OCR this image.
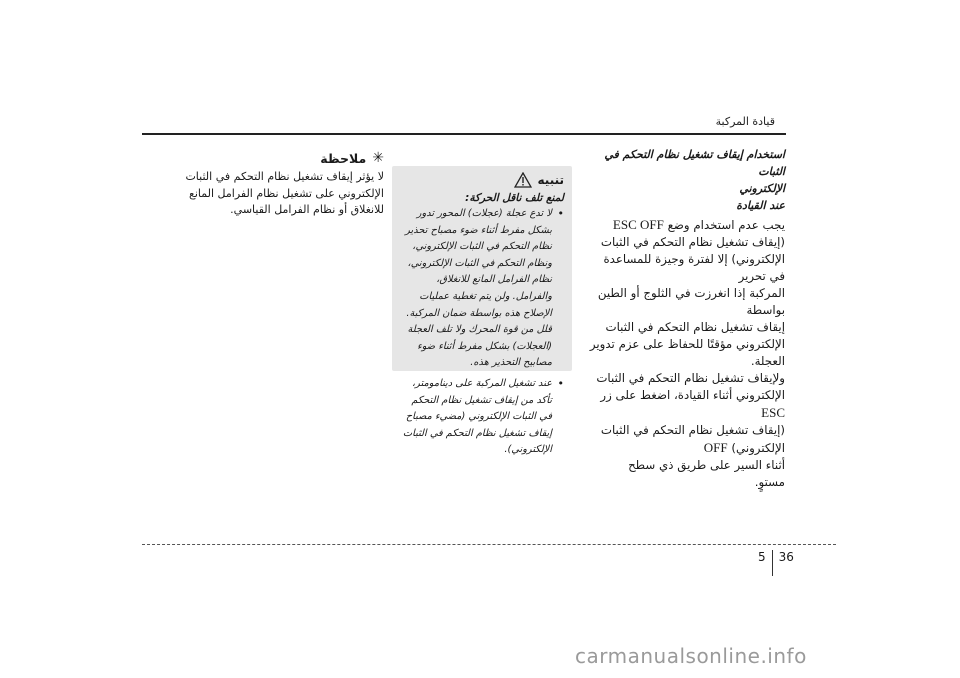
قيادة المركبة

استخدام إيقاف تشغيل نظام التحكم في الثبات

الإلكتروني

عند القيادة

يجب عدم استخدام وضع ESC OFF

(إيقاف تشغيل نظام التحكم في الثبات

الإلكتروني) إلا لفترة وجيزة للمساعدة في تحرير

المركبة إذا انغرزت في الثلوج أو الطين بواسطة

إيقاف تشغيل نظام التحكم في الثبات

الإلكتروني مؤقتًا للحفاظ على عزم تدوير العجلة.

ولإيقاف تشغيل نظام التحكم في الثبات

الإلكتروني أثناء القيادة، اضغط على زر ESC

(إيقاف تشغيل نظام التحكم في الثبات الإلكتروني) OFF

أثناء السير على طريق ذي سطح

مستوٍ.

تنبيه

لمنع تلف ناقل الحركة:

•
لا تدع عجلة (عجلات) المحور تدور بشكل مفرط أثناء ضوء مصباح تحذير نظام التحكم في الثبات الإلكتروني، ونظام التحكم في الثبات الإلكتروني، نظام الفرامل المانع للانغلاق، والفرامل. ولن يتم تغطية عمليات الإصلاح هذه بواسطة ضمان المركبة. قلل من قوة المحرك ولا تلف العجلة (العجلات) بشكل مفرط أثناء ضوء مصابيح التحذير هذه.
•
عند تشغيل المركبة على دينامومتر، تأكد من إيقاف تشغيل نظام التحكم في الثبات الإلكتروني (مضيء مصباح إيقاف تشغيل نظام التحكم في الثبات الإلكتروني).
✳
ملاحظة

لا يؤثر إيقاف تشغيل نظام التحكم في الثبات الإلكتروني على تشغيل نظام الفرامل المانع للانغلاق أو نظام الفرامل القياسي.

5 36
carmanualsonline.info
